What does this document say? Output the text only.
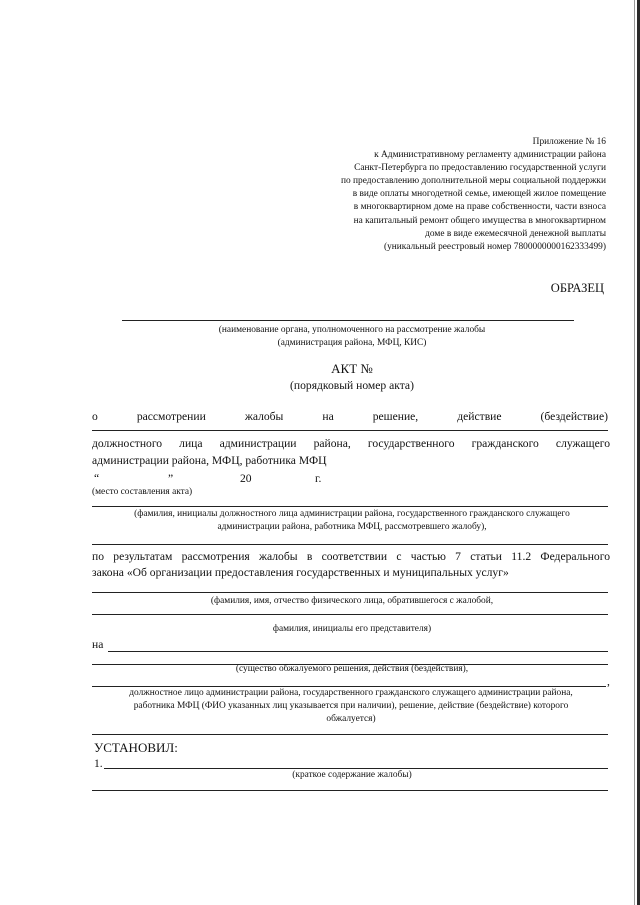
Приложение № 16
к Административному регламенту администрации района
Санкт-Петербурга по предоставлению государственной услуги
по предоставлению дополнительной меры социальной поддержки
в виде оплаты многодетной семье, имеющей жилое помещение
в многоквартирном доме на праве собственности, части взноса
на капитальный ремонт общего имущества в многоквартирном
доме в виде ежемесячной денежной выплаты
(уникальный реестровый номер 7800000000162333499)
ОБРАЗЕЦ
(наименование органа, уполномоченного на рассмотрение жалобы
(администрация района, МФЦ, КИС)
АКТ №
(порядковый номер акта)
о	рассмотрении	жалобы	на	решение,	действие	(бездействие)
должностного лица администрации района, государственного гражданского служащего
администрации района, МФЦ, работника МФЦ
“	”	20	г.
(место составления акта)
(фамилия, инициалы должностного лица администрации района, государственного гражданского служащего
администрации района, работника МФЦ, рассмотревшего жалобу),
по результатам рассмотрения жалобы в соответствии с частью 7 статьи 11.2 Федерального
закона «Об организации предоставления государственных и муниципальных услуг»
(фамилия, имя, отчество физического лица, обратившегося с жалобой,
фамилия, инициалы его представителя)
на
(существо обжалуемого решения, действия (бездействия),
,
должностное лицо администрации района, государственного гражданского служащего администрации района,
работника МФЦ (ФИО указанных лиц указывается при наличии), решение, действие (бездействие) которого
обжалуется)
УСТАНОВИЛ:
1.
(краткое содержание жалобы)
